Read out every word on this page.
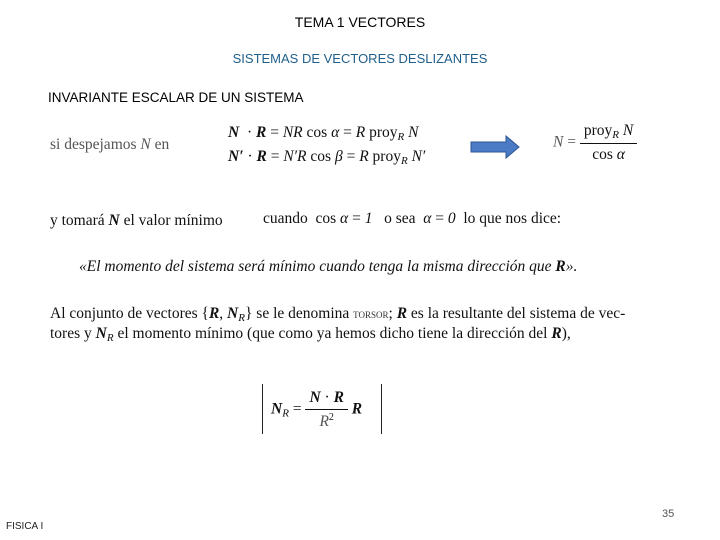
TEMA 1 VECTORES
SISTEMAS DE VECTORES DESLIZANTES
INVARIANTE ESCALAR DE UN SISTEMA
si despejamos N en
N  · R = NR cos α = R proy$_R$ N
N′ · R = N′R cos β = R proy$_R$ N′
$N = \frac{proy_R N}{\text{cos α}}$
y tomará N el valor mínimo	cuando  cos α = 1   o sea  α = 0  lo que nos dice:
«El momento del sistema será mínimo cuando tenga la misma dirección que R».
Al conjunto de vectores {R, $N_R$} se le denomina torsor; R es la resultante del sistema de vec-
tores y $N_R$ el momento mínimo (que como ya hemos dicho tiene la dirección del R),
$N_R = \frac{N \cdot R}{R^2}$ R
FISICA I
35
